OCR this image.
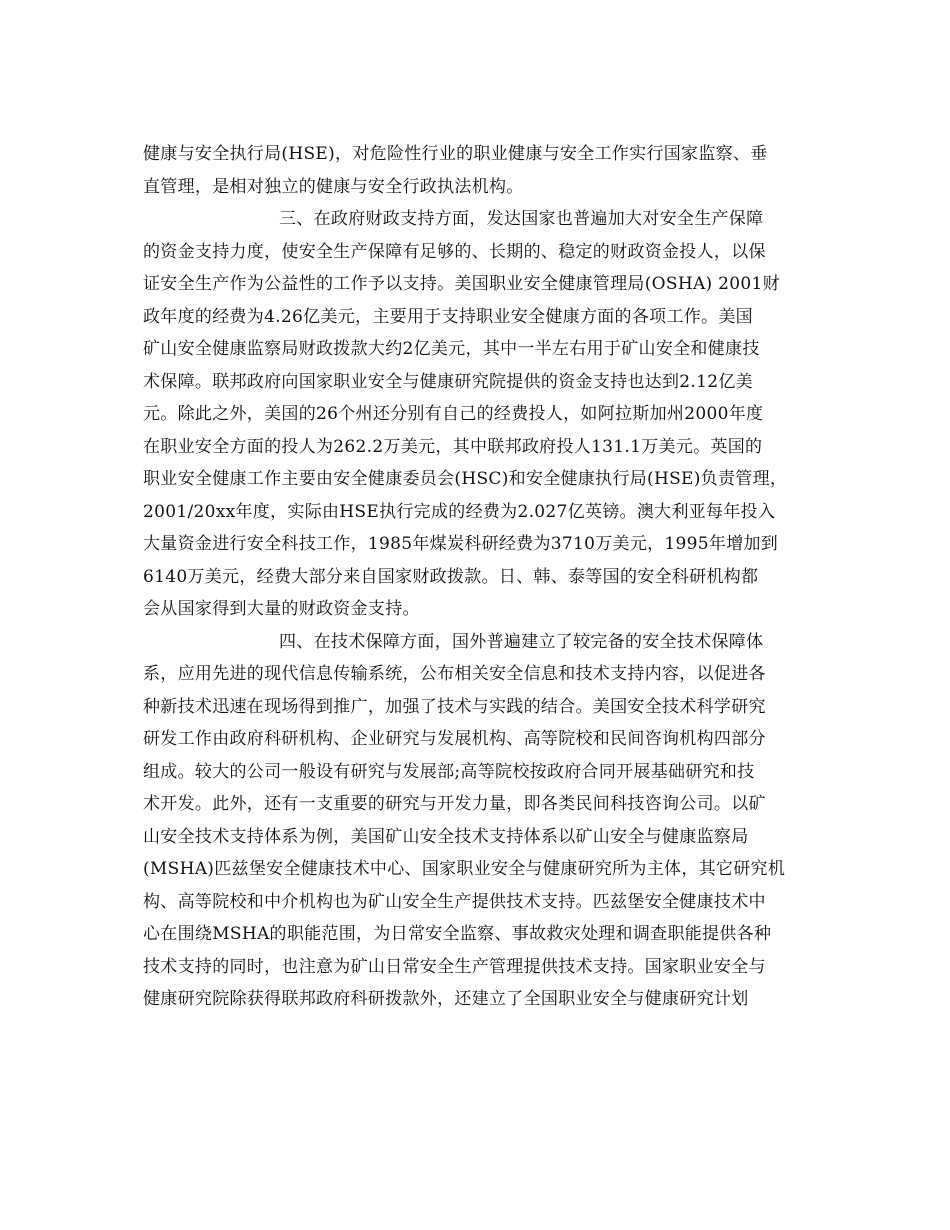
健康与安全执行局(HSE)，对危险性行业的职业健康与安全工作实行国家监察、垂
直管理，是相对独立的健康与安全行政执法机构。
三、在政府财政支持方面，发达国家也普遍加大对安全生产保障
的资金支持力度，使安全生产保障有足够的、长期的、稳定的财政资金投人，以保
证安全生产作为公益性的工作予以支持。美国职业安全健康管理局(OSHA) 2001财
政年度的经费为4.26亿美元，主要用于支持职业安全健康方面的各项工作。美国
矿山安全健康监察局财政拨款大约2亿美元，其中一半左右用于矿山安全和健康技
术保障。联邦政府向国家职业安全与健康研究院提供的资金支持也达到2.12亿美
元。除此之外，美国的26个州还分别有自己的经费投人，如阿拉斯加州2000年度
在职业安全方面的投人为262.2万美元，其中联邦政府投人131.1万美元。英国的
职业安全健康工作主要由安全健康委员会(HSC)和安全健康执行局(HSE)负责管理，
2001/20xx年度，实际由HSE执行完成的经费为2.027亿英镑。澳大利亚每年投入
大量资金进行安全科技工作，1985年煤炭科研经费为3710万美元，1995年增加到
6140万美元，经费大部分来自国家财政拨款。日、韩、泰等国的安全科研机构都
会从国家得到大量的财政资金支持。
四、在技术保障方面，国外普遍建立了较完备的安全技术保障体
系，应用先进的现代信息传输系统，公布相关安全信息和技术支持内容，以促进各
种新技术迅速在现场得到推广，加强了技术与实践的结合。美国安全技术科学研究
研发工作由政府科研机构、企业研究与发展机构、高等院校和民间咨询机构四部分
组成。较大的公司一般设有研究与发展部;高等院校按政府合同开展基础研究和技
术开发。此外，还有一支重要的研究与开发力量，即各类民间科技咨询公司。以矿
山安全技术支持体系为例，美国矿山安全技术支持体系以矿山安全与健康监察局
(MSHA)匹兹堡安全健康技术中心、国家职业安全与健康研究所为主体，其它研究机
构、高等院校和中介机构也为矿山安全生产提供技术支持。匹兹堡安全健康技术中
心在围绕MSHA的职能范围，为日常安全监察、事故救灾处理和调查职能提供各种
技术支持的同时，也注意为矿山日常安全生产管理提供技术支持。国家职业安全与
健康研究院除获得联邦政府科研拨款外，还建立了全国职业安全与健康研究计划
